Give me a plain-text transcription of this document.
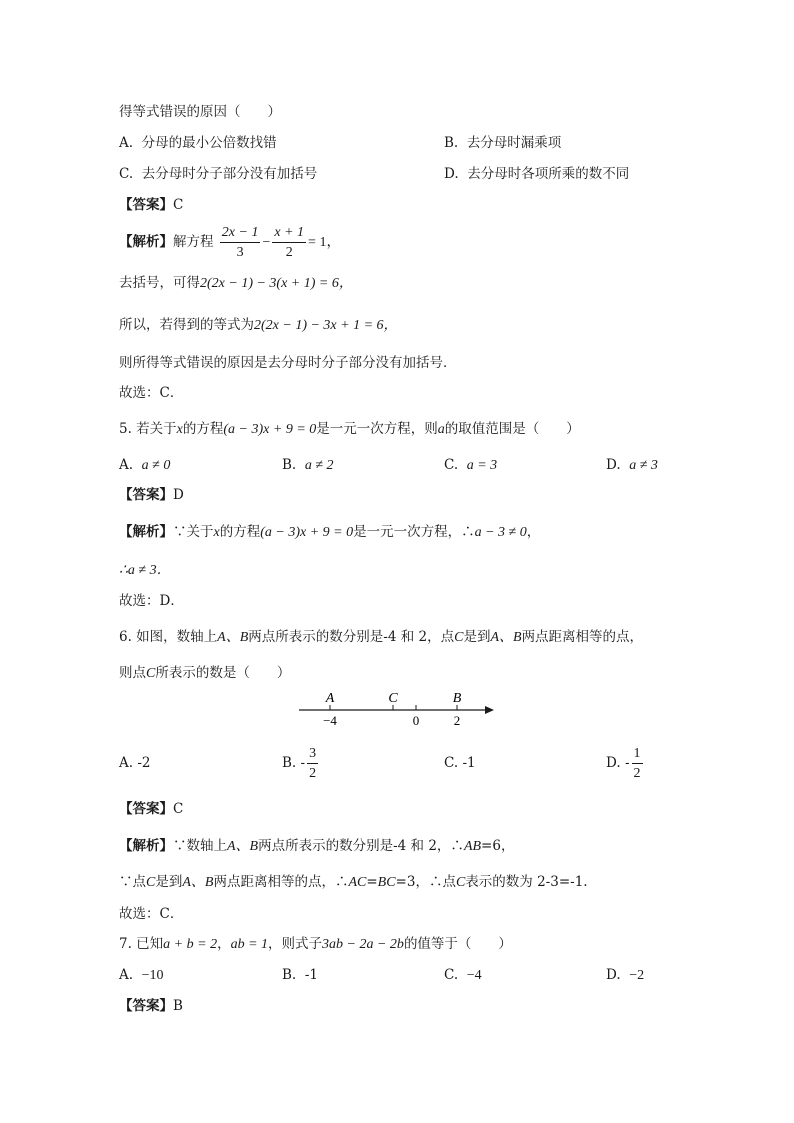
得等式错误的原因（　　）
A. 分母的最小公倍数找错	B. 去分母时漏乘项
C. 去分母时分子部分没有加括号	D. 去分母时各项所乘的数不同
【答案】C
【解析】解方程 $\frac{2x - 1}{3} - \frac{x + 1}{2} = 1$，
去括号，可得2(2x − 1) − 3(x + 1) = 6，
所以，若得到的等式为2(2x − 1) − 3x + 1 = 6，
则所得等式错误的原因是去分母时分子部分没有加括号．
故选：C．
5. 若关于x的方程(a − 3)x + 9 = 0是一元一次方程，则a的取值范围是（　　）
A. a ≠ 0	B. a ≠ 2	C. a = 3	D. a ≠ 3
【答案】D
【解析】∵关于x的方程(a − 3)x + 9 = 0是一元一次方程，∴a − 3 ≠ 0，
∴a ≠ 3．
故选：D．
6. 如图，数轴上A、B两点所表示的数分别是-4 和 2，点C是到A、B两点距离相等的点，
则点C所表示的数是（　　）
A	C	B
−4	0	2
A. -2	B. - $\frac{3}{2}$	C. -1	D. - $\frac{1}{2}$
【答案】C
【解析】∵数轴上A、B两点所表示的数分别是-4 和 2，∴AB=6，
∵点C是到A、B两点距离相等的点，∴AC=BC=3，∴点C表示的数为 2-3=-1.
故选：C．
7. 已知a + b = 2，ab = 1，则式子3ab − 2a − 2b的值等于（　　）
A. −10	B. -1	C. −4	D. −2
【答案】B
